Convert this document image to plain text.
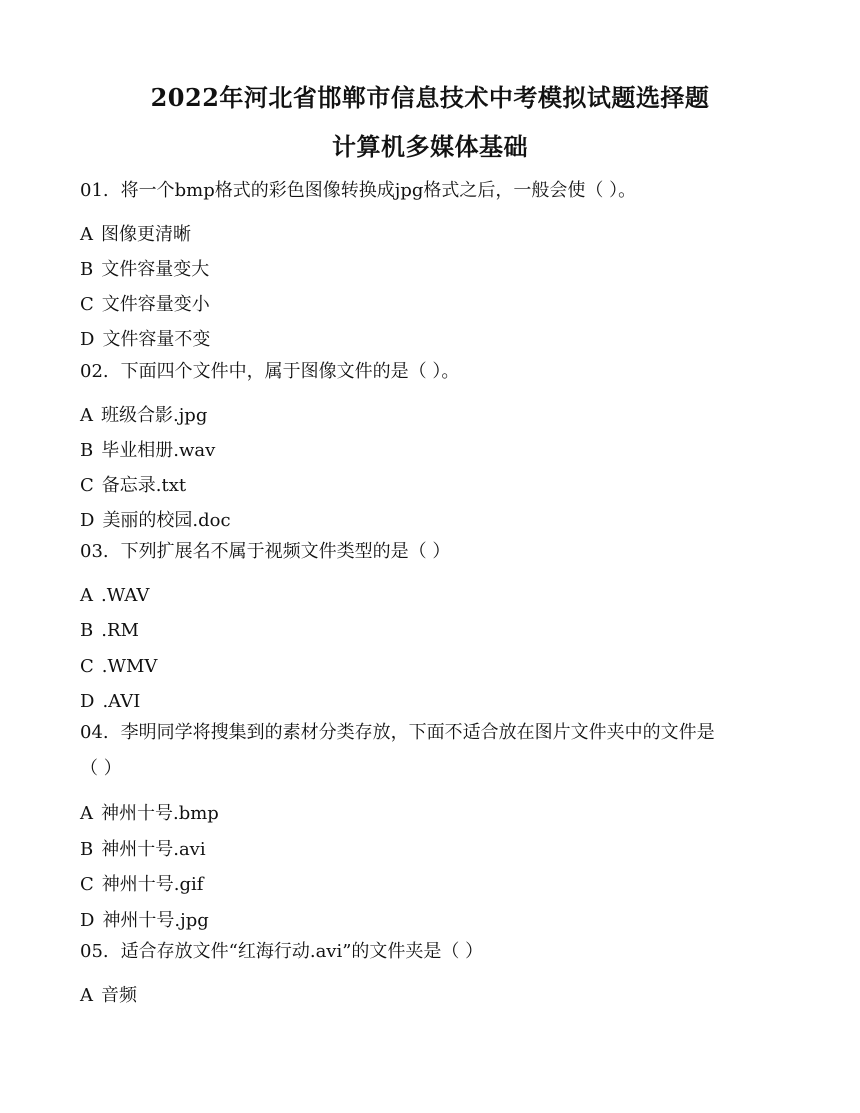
2022年河北省邯郸市信息技术中考模拟试题选择题
计算机多媒体基础
01. 将一个bmp格式的彩色图像转换成jpg格式之后，一般会使（ ）。
A 图像更清晰
B 文件容量变大
C 文件容量变小
D 文件容量不变
02. 下面四个文件中，属于图像文件的是（ ）。
A 班级合影.jpg
B 毕业相册.wav
C 备忘录.txt
D 美丽的校园.doc
03. 下列扩展名不属于视频文件类型的是（ ）
A .WAV
B .RM
C .WMV
D .AVI
04. 李明同学将搜集到的素材分类存放，下面不适合放在图片文件夹中的文件是
（ ）
A 神州十号.bmp
B 神州十号.avi
C 神州十号.gif
D 神州十号.jpg
05. 适合存放文件“红海行动.avi”的文件夹是（ ）
A 音频
